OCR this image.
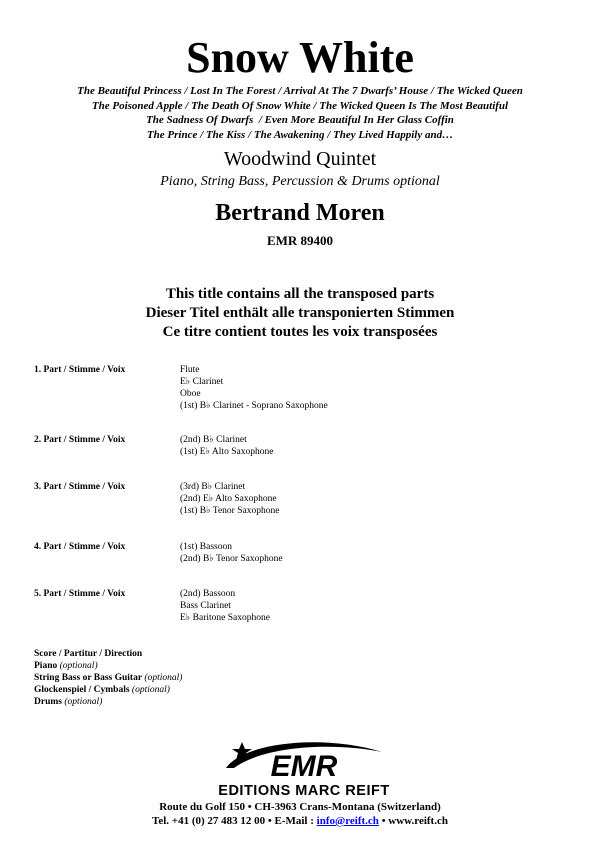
Snow White
The Beautiful Princess / Lost In The Forest / Arrival At The 7 Dwarfs’ House / The Wicked Queen
The Poisoned Apple / The Death Of Snow White / The Wicked Queen Is The Most Beautiful
The Sadness Of Dwarfs  / Even More Beautiful In Her Glass Coffin
The Prince / The Kiss / The Awakening / They Lived Happily and…
Woodwind Quintet
Piano, String Bass, Percussion & Drums optional
Bertrand Moren
EMR 89400
This title contains all the transposed parts
Dieser Titel enthält alle transponierten Stimmen
Ce titre contient toutes les voix transposées
1. Part / Stimme / Voix	Flute
E♭ Clarinet
Oboe
(1st) B♭ Clarinet - Soprano Saxophone
2. Part / Stimme / Voix	(2nd) B♭ Clarinet
(1st) E♭ Alto Saxophone
3. Part / Stimme / Voix	(3rd) B♭ Clarinet
(2nd) E♭ Alto Saxophone
(1st) B♭ Tenor Saxophone
4. Part / Stimme / Voix	(1st) Bassoon
(2nd) B♭ Tenor Saxophone
5. Part / Stimme / Voix	(2nd) Bassoon
Bass Clarinet
E♭ Baritone Saxophone
Score / Partitur / Direction
Piano (optional)
String Bass or Bass Guitar (optional)
Glockenspiel / Cymbals (optional)
Drums (optional)
EMR
EDITIONS MARC REIFT
Route du Golf 150 • CH-3963 Crans-Montana (Switzerland)
Tel. +41 (0) 27 483 12 00 • E-Mail : info@reift.ch • www.reift.ch
